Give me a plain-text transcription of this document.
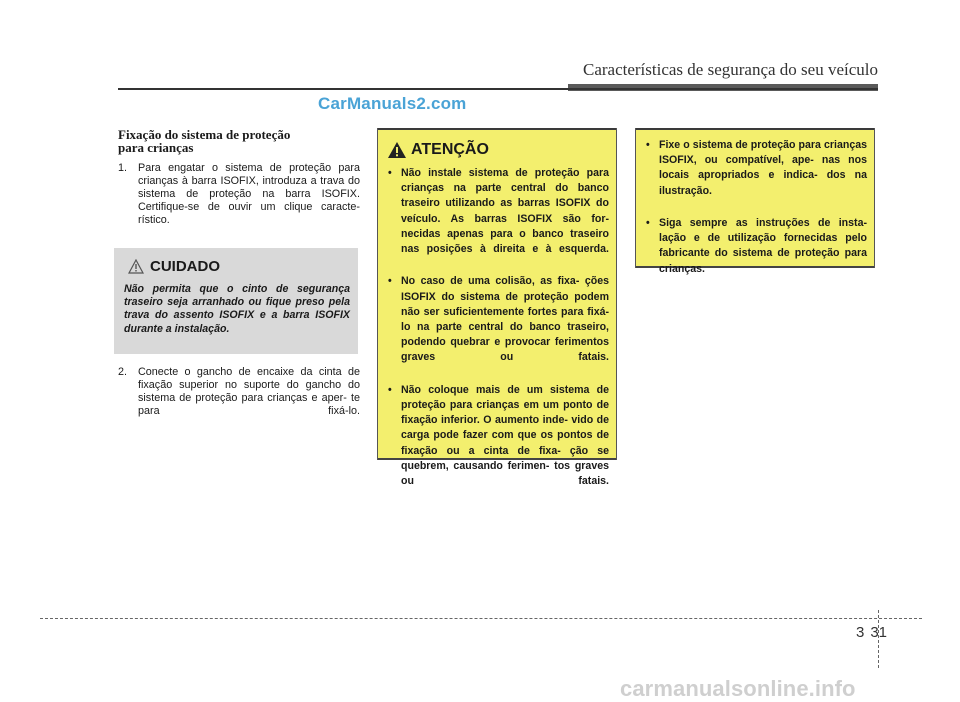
Características de segurança do seu veículo
CarManuals2.com
Fixação do sistema de proteção
para crianças
1.	Para engatar o sistema de proteção para crianças à barra ISOFIX, introduza a trava do sistema de proteção na barra ISOFIX. Certifique-se de ouvir um clique caracte- rístico.
CUIDADO
Não permita que o cinto de segurança traseiro seja arranhado ou fique preso pela trava do assento ISOFIX e a barra ISOFIX durante a instalação.
2.	Conecte o gancho de encaixe da cinta de fixação superior no suporte do gancho do sistema de proteção para crianças e aper- te para fixá-lo.
ATENÇÃO
• Não instale sistema de proteção para crianças na parte central do banco traseiro utilizando as barras ISOFIX do veículo. As barras ISOFIX são for- necidas apenas para o banco traseiro nas posições à direita e à esquerda.
• No caso de uma colisão, as fixa- ções ISOFIX do sistema de proteção podem não ser suficientemente fortes para fixá-lo na parte central do banco traseiro, podendo quebrar e provocar ferimentos graves ou fatais.
• Não coloque mais de um sistema de proteção para crianças em um ponto de fixação inferior. O aumento inde- vido de carga pode fazer com que os pontos de fixação ou a cinta de fixa- ção se quebrem, causando ferimen- tos graves ou fatais.
• Fixe o sistema de proteção para crianças ISOFIX, ou compatível, ape- nas nos locais apropriados e indica- dos na ilustração.
• Siga sempre as instruções de insta- lação e de utilização fornecidas pelo fabricante do sistema de proteção para crianças.
3 31
carmanualsonline.info
